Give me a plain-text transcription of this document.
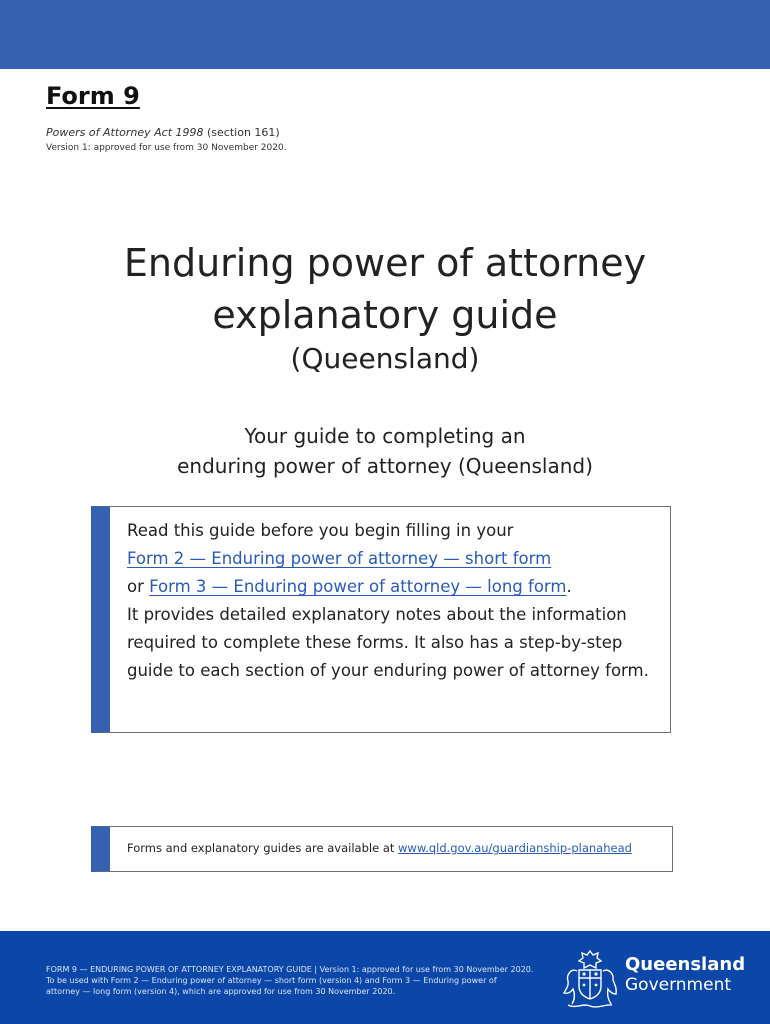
Form 9
Powers of Attorney Act 1998 (section 161)
Version 1: approved for use from 30 November 2020.
Enduring power of attorney
explanatory guide
(Queensland)
Your guide to completing an
enduring power of attorney (Queensland)
Read this guide before you begin filling in your
Form 2 — Enduring power of attorney — short form
or Form 3 — Enduring power of attorney — long form.
It provides detailed explanatory notes about the information required to complete these forms. It also has a step-by-step guide to each section of your enduring power of attorney form.
Forms and explanatory guides are available at www.qld.gov.au/guardianship-planahead
FORM 9 — ENDURING POWER OF ATTORNEY EXPLANATORY GUIDE | Version 1: approved for use from 30 November 2020.
To be used with Form 2 — Enduring power of attorney — short form (version 4) and Form 3 — Enduring power of
attorney — long form (version 4), which are approved for use from 30 November 2020.
Queensland
Government
